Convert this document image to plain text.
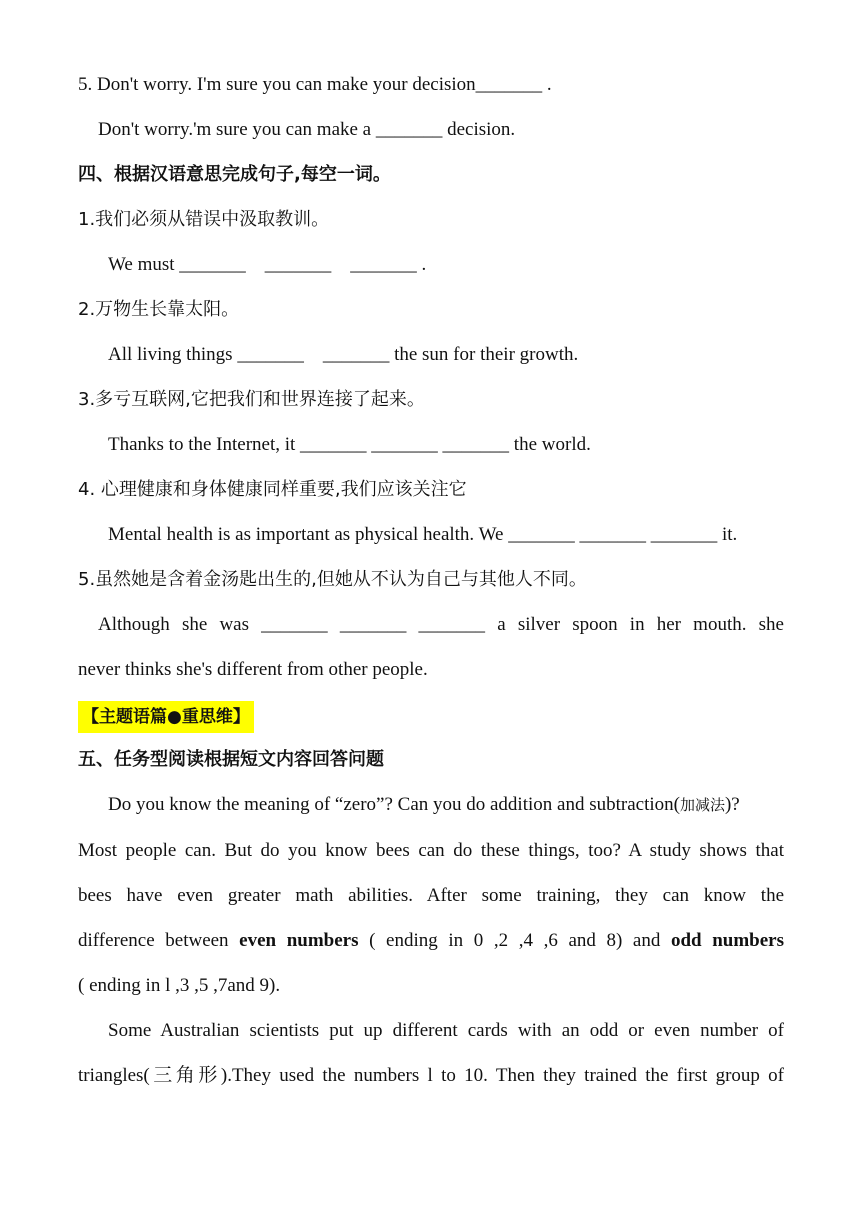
5. Don't worry. I'm sure you can make your decision_______ .
Don't worry.'m sure you can make a _______ decision.
四、根据汉语意思完成句子,每空一词。
1.我们必须从错误中汲取教训。
We must _______    _______    _______ .
2.万物生长靠太阳。
All living things _______    _______ the sun for their growth.
3.多亏互联网,它把我们和世界连接了起来。
Thanks to the Internet, it _______ _______ _______ the world.
4. 心理健康和身体健康同样重要,我们应该关注它
Mental health is as important as physical health. We _______ _______ _______ it.
5.虽然她是含着金汤匙出生的,但她从不认为自己与其他人不同。
Although she was _______ _______ _______ a silver spoon in her mouth. she
never thinks she's different from other people.
【主题语篇●重思维】
五、任务型阅读根据短文内容回答问题
Do you know the meaning of “zero”? Can you do addition and subtraction(加减法)?
Most people can. But do you know bees can do these things, too? A study shows that
bees have even greater math abilities. After some training, they can know the
difference between even numbers ( ending in 0 ,2 ,4 ,6 and 8) and odd numbers
( ending in l ,3 ,5 ,7and 9).
Some Australian scientists put up different cards with an odd or even number of
triangles(三角形).They used the numbers l to 10. Then they trained the first group of
